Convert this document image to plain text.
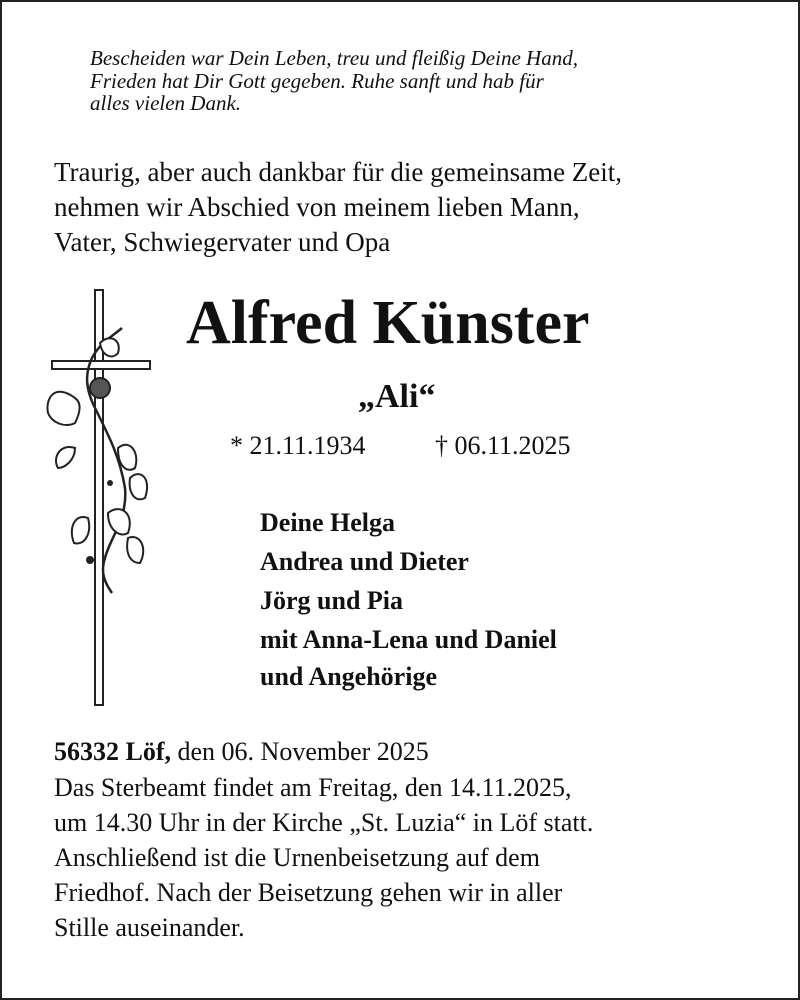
Bescheiden war Dein Leben, treu und fleißig Deine Hand,
Frieden hat Dir Gott gegeben. Ruhe sanft und hab für
alles vielen Dank.
Traurig, aber auch dankbar für die gemeinsame Zeit,
nehmen wir Abschied von meinem lieben Mann,
Vater, Schwiegervater und Opa
Alfred Künster
„Ali“
* 21.11.1934	† 06.11.2025
Deine Helga
Andrea und Dieter
Jörg und Pia
mit Anna-Lena und Daniel
und Angehörige
56332 Löf, den 06. November 2025
Das Sterbeamt findet am Freitag, den 14.11.2025,
um 14.30 Uhr in der Kirche „St. Luzia“ in Löf statt.
Anschließend ist die Urnenbeisetzung auf dem
Friedhof. Nach der Beisetzung gehen wir in aller
Stille auseinander.
